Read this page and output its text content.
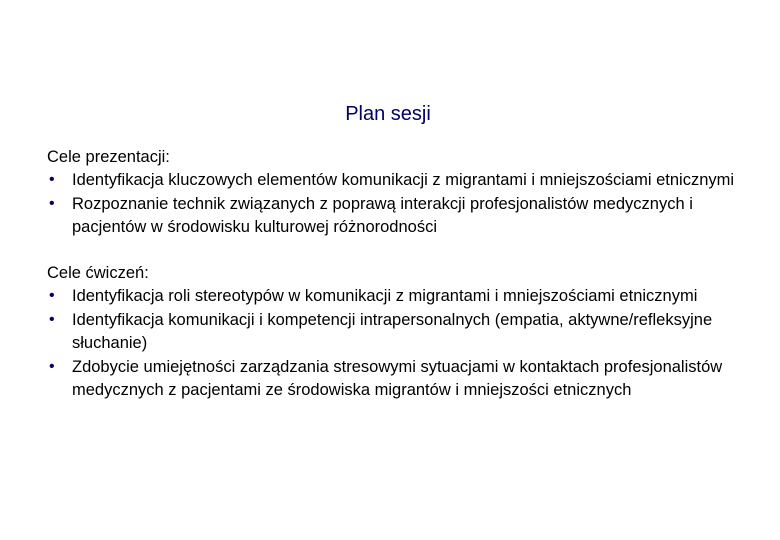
Plan sesji
Cele prezentacji:
• Identyfikacja kluczowych elementów komunikacji z migrantami i mniejszościami etnicznymi
• Rozpoznanie technik związanych z poprawą interakcji profesjonalistów medycznych i pacjentów w środowisku kulturowej różnorodności
Cele ćwiczeń:
• Identyfikacja roli stereotypów w komunikacji z migrantami i mniejszościami etnicznymi
• Identyfikacja komunikacji i kompetencji intrapersonalnych (empatia, aktywne/refleksyjne słuchanie)
• Zdobycie umiejętności zarządzania stresowymi sytuacjami w kontaktach profesjonalistów medycznych z pacjentami ze środowiska migrantów i mniejszości etnicznych
